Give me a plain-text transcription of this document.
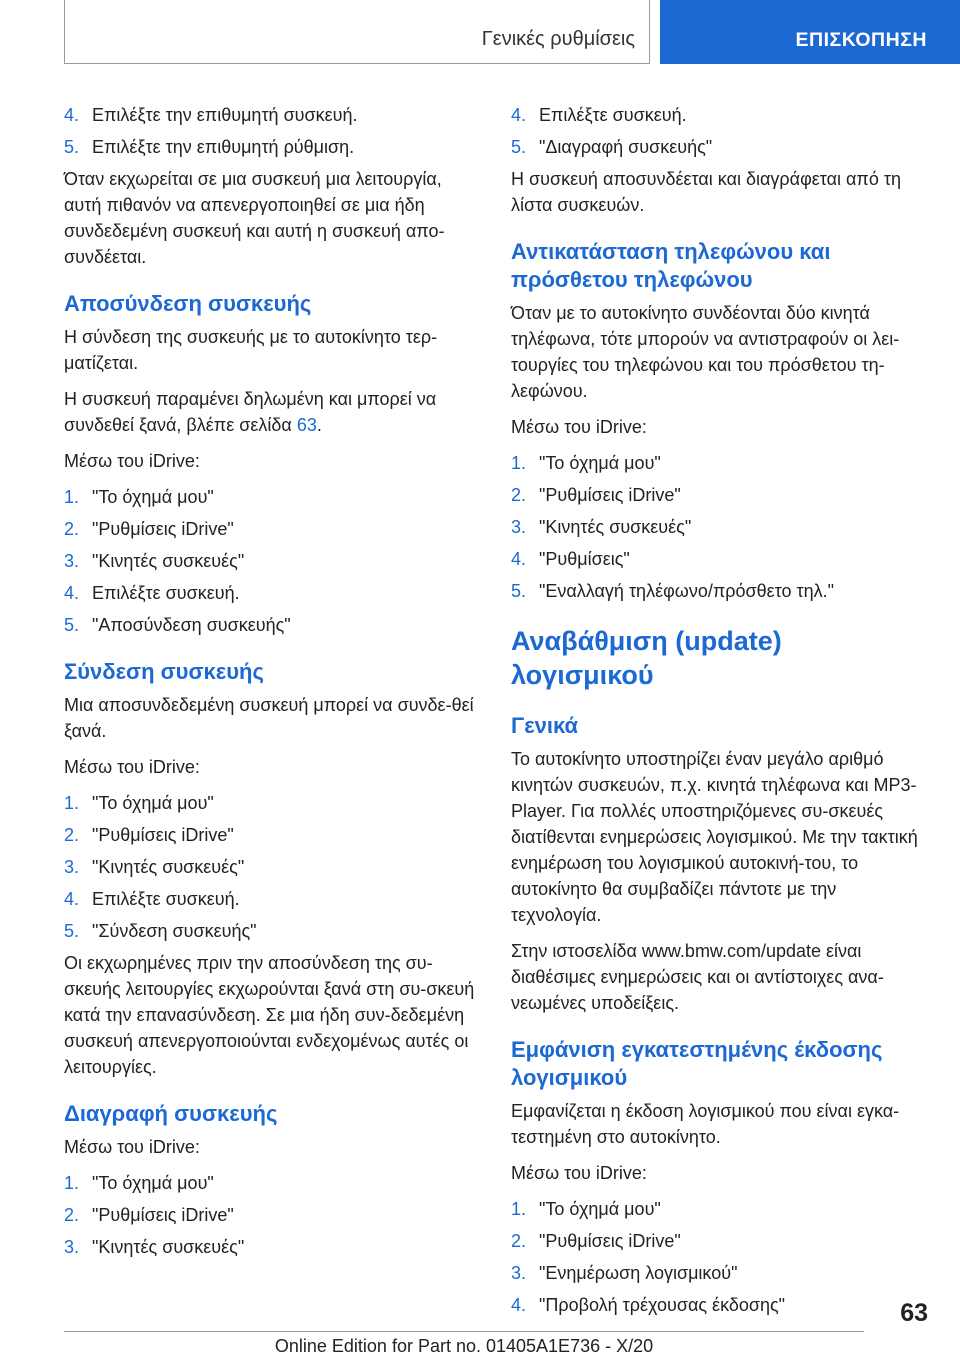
Γενικές ρυθμίσεις	ΕΠΙΣΚΟΠΗΣΗ
4. Επιλέξτε την επιθυμητή συσκευή.
5. Επιλέξτε την επιθυμητή ρύθμιση.

Όταν εκχωρείται σε μια συσκευή μια λειτουργία, αυτή πιθανόν να απενεργοποιηθεί σε μια ήδη συνδεδεμένη συσκευή και αυτή η συσκευή απο‐συνδέεται.

Αποσύνδεση συσκευής

Η σύνδεση της συσκευής με το αυτοκίνητο τερ‐ματίζεται.

Η συσκευή παραμένει δηλωμένη και μπορεί να συνδεθεί ξανά, βλέπε σελίδα 63.

Μέσω του iDrive:

1. "Το όχημά μου"
2. "Ρυθμίσεις iDrive"
3. "Κινητές συσκευές"
4. Επιλέξτε συσκευή.
5. "Αποσύνδεση συσκευής"
Σύνδεση συσκευής

Μια αποσυνδεδεμένη συσκευή μπορεί να συνδε‐θεί ξανά.

Μέσω του iDrive:

1. "Το όχημά μου"
2. "Ρυθμίσεις iDrive"
3. "Κινητές συσκευές"
4. Επιλέξτε συσκευή.
5. "Σύνδεση συσκευής"

Οι εκχωρημένες πριν την αποσύνδεση της συ‐σκευής λειτουργίες εκχωρούνται ξανά στη συ‐σκευή κατά την επανασύνδεση. Σε μια ήδη συν‐δεδεμένη συσκευή απενεργοποιούνται ενδεχομένως αυτές οι λειτουργίες.

Διαγραφή συσκευής

Μέσω του iDrive:

1. "Το όχημά μου"
2. "Ρυθμίσεις iDrive"
3. "Κινητές συσκευές"
4. Επιλέξτε συσκευή.
5. "Διαγραφή συσκευής"

Η συσκευή αποσυνδέεται και διαγράφεται από τη λίστα συσκευών.

Αντικατάσταση τηλεφώνου και πρόσθετου τηλεφώνου

Όταν με το αυτοκίνητο συνδέονται δύο κινητά τηλέφωνα, τότε μπορούν να αντιστραφούν οι λει‐τουργίες του τηλεφώνου και του πρόσθετου τη‐λεφώνου.

Μέσω του iDrive:

1. "Το όχημά μου"
2. "Ρυθμίσεις iDrive"
3. "Κινητές συσκευές"
4. "Ρυθμίσεις"
5. "Εναλλαγή τηλέφωνο/πρόσθετο τηλ."
Αναβάθμιση (update) λογισμικού
Γενικά

Το αυτοκίνητο υποστηρίζει έναν μεγάλο αριθμό κινητών συσκευών, π.χ. κινητά τηλέφωνα και MP3-Player. Για πολλές υποστηριζόμενες συ‐σκευές διατίθενται ενημερώσεις λογισμικού. Με την τακτική ενημέρωση του λογισμικού αυτοκινή‐του, το αυτοκίνητο θα συμβαδίζει πάντοτε με την τεχνολογία.

Στην ιστοσελίδα www.bmw.com/update είναι διαθέσιμες ενημερώσεις και οι αντίστοιχες ανα‐νεωμένες υποδείξεις.

Εμφάνιση εγκατεστημένης έκδοσης λογισμικού

Εμφανίζεται η έκδοση λογισμικού που είναι εγκα‐τεστημένη στο αυτοκίνητο.

Μέσω του iDrive:

1. "Το όχημά μου"
2. "Ρυθμίσεις iDrive"
3. "Ενημέρωση λογισμικού"
4. "Προβολή τρέχουσας έκδοσης"	63
Online Edition for Part no. 01405A1E736 - X/20
